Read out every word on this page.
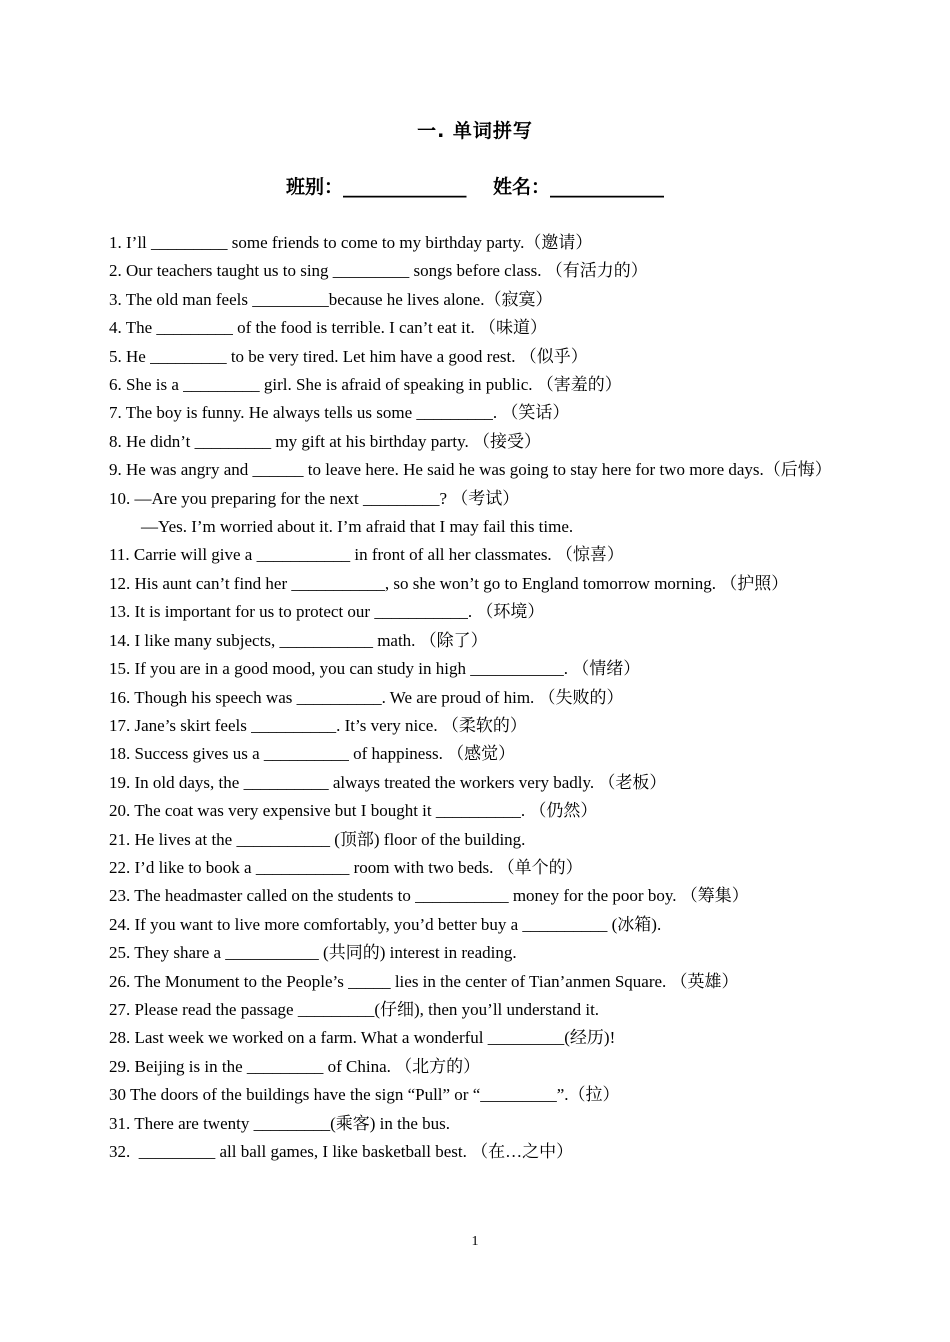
一. 单词拼写
班别：_____________    姓名：____________
1. I’ll _________ some friends to come to my birthday party.（邀请）
2. Our teachers taught us to sing _________ songs before class. （有活力的）
3. The old man feels _________because he lives alone.（寂寞）
4. The _________ of the food is terrible. I can’t eat it. （味道）
5. He _________ to be very tired. Let him have a good rest. （似乎）
6. She is a _________ girl. She is afraid of speaking in public. （害羞的）
7. The boy is funny. He always tells us some _________. （笑话）
8. He didn’t _________ my gift at his birthday party. （接受）
9. He was angry and ______ to leave here. He said he was going to stay here for two more days.（后悔）
10. —Are you preparing for the next _________? （考试）
—Yes. I’m worried about it. I’m afraid that I may fail this time.
11. Carrie will give a ___________ in front of all her classmates. （惊喜）
12. His aunt can’t find her ___________, so she won’t go to England tomorrow morning. （护照）
13. It is important for us to protect our ___________. （环境）
14. I like many subjects, ___________ math. （除了）
15. If you are in a good mood, you can study in high ___________. （情绪）
16. Though his speech was __________. We are proud of him. （失败的）
17. Jane’s skirt feels __________. It’s very nice. （柔软的）
18. Success gives us a __________ of happiness. （感觉）
19. In old days, the __________ always treated the workers very badly. （老板）
20. The coat was very expensive but I bought it __________. （仍然）
21. He lives at the ___________ (顶部) floor of the building.
22. I’d like to book a ___________ room with two beds. （单个的）
23. The headmaster called on the students to ___________ money for the poor boy. （筹集）
24. If you want to live more comfortably, you’d better buy a __________ (冰箱).
25. They share a ___________ (共同的) interest in reading.
26. The Monument to the People’s _____ lies in the center of Tian’anmen Square. （英雄）
27. Please read the passage _________(仔细), then you’ll understand it.
28. Last week we worked on a farm. What a wonderful _________(经历)!
29. Beijing is in the _________ of China. （北方的）
30 The doors of the buildings have the sign “Pull” or “_________”.（拉）
31. There are twenty _________(乘客) in the bus.
32.  _________ all ball games, I like basketball best. （在…之中）
1
